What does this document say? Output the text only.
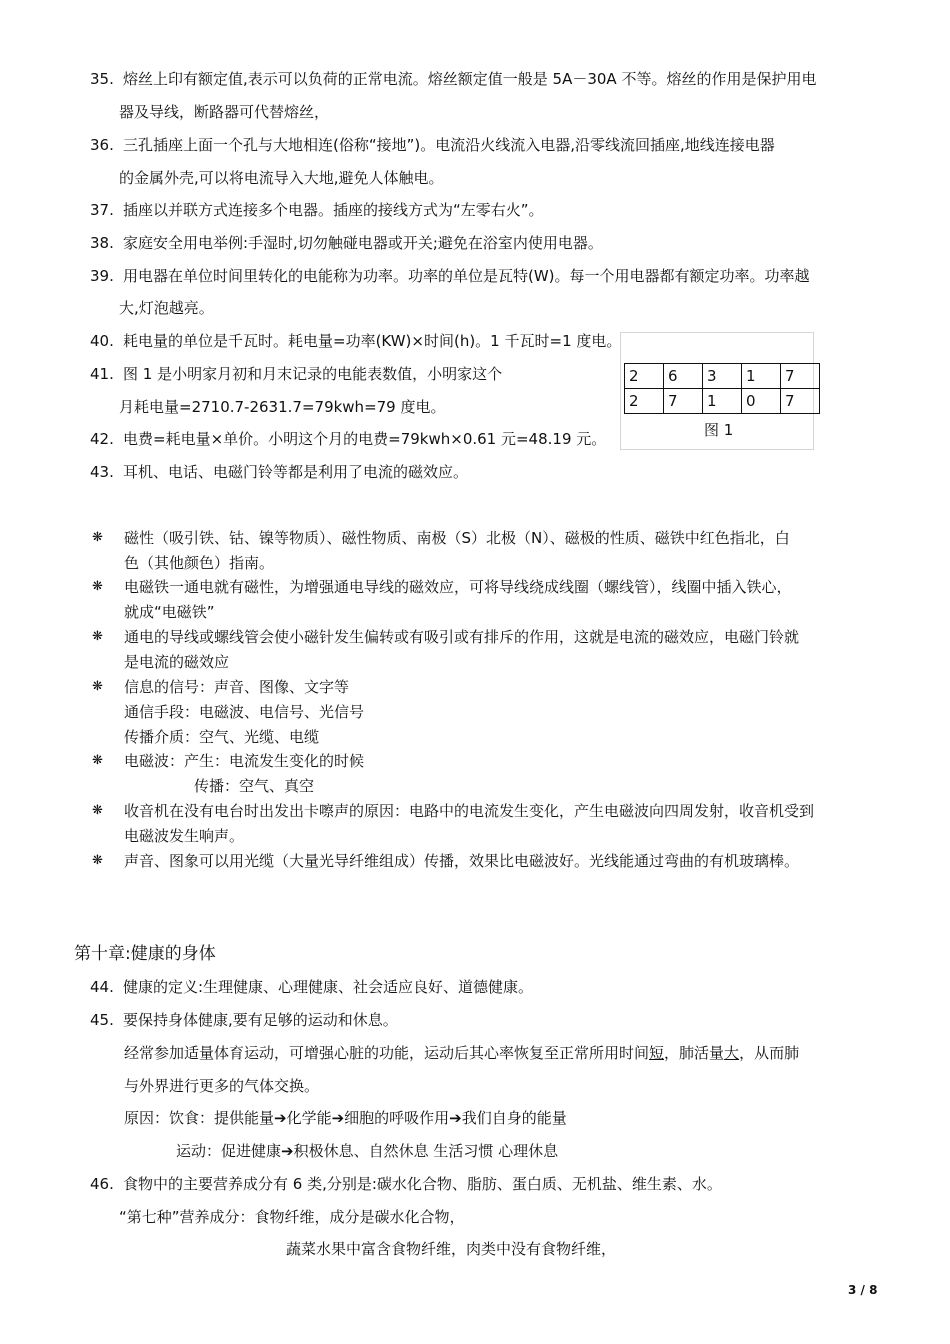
35. 熔丝上印有额定值,表示可以负荷的正常电流。熔丝额定值一般是 5A－30A 不等。熔丝的作用是保护用电
器及导线，断路器可代替熔丝，
36. 三孔插座上面一个孔与大地相连(俗称“接地”)。电流沿火线流入电器,沿零线流回插座,地线连接电器
的金属外壳,可以将电流导入大地,避免人体触电。
37. 插座以并联方式连接多个电器。插座的接线方式为“左零右火”。
38. 家庭安全用电举例:手湿时,切勿触碰电器或开关;避免在浴室内使用电器。
39. 用电器在单位时间里转化的电能称为功率。功率的单位是瓦特(W)。每一个用电器都有额定功率。功率越
大,灯泡越亮。
40. 耗电量的单位是千瓦时。耗电量=功率(KW)×时间(h)。1 千瓦时=1 度电。
41. 图 1 是小明家月初和月末记录的电能表数值，小明家这个
月耗电量=2710.7-2631.7=79kwh=79 度电。
2	6	3	1	7
2	7	1	0	7
图 1
42. 电费=耗电量×单价。小明这个月的电费=79kwh×0.61 元=48.19 元。
43. 耳机、电话、电磁门铃等都是利用了电流的磁效应。
❋ 磁性（吸引铁、钴、镍等物质）、磁性物质、南极（S）北极（N）、磁极的性质、磁铁中红色指北，白
色（其他颜色）指南。
❋ 电磁铁一通电就有磁性，为增强通电导线的磁效应，可将导线绕成线圈（螺线管），线圈中插入铁心，
就成“电磁铁”
❋ 通电的导线或螺线管会使小磁针发生偏转或有吸引或有排斥的作用，这就是电流的磁效应，电磁门铃就
是电流的磁效应
❋ 信息的信号：声音、图像、文字等
通信手段：电磁波、电信号、光信号
传播介质：空气、光缆、电缆
❋ 电磁波：产生：电流发生变化的时候
传播：空气、真空
❋ 收音机在没有电台时出发出卡嚓声的原因：电路中的电流发生变化，产生电磁波向四周发射，收音机受到
电磁波发生响声。
❋ 声音、图象可以用光缆（大量光导纤维组成）传播，效果比电磁波好。光线能通过弯曲的有机玻璃棒。
第十章:健康的身体
44. 健康的定义:生理健康、心理健康、社会适应良好、道德健康。
45. 要保持身体健康,要有足够的运动和休息。
经常参加适量体育运动，可增强心脏的功能，运动后其心率恢复至正常所用时间短，肺活量大，从而肺
与外界进行更多的气体交换。
原因：饮食：提供能量➔化学能➔细胞的呼吸作用➔我们自身的能量
运动：促进健康➔积极休息、自然休息 生活习惯 心理休息
46. 食物中的主要营养成分有 6 类,分别是:碳水化合物、脂肪、蛋白质、无机盐、维生素、水。
“第七种”营养成分：食物纤维，成分是碳水化合物，
蔬菜水果中富含食物纤维，肉类中没有食物纤维，
3 / 8
